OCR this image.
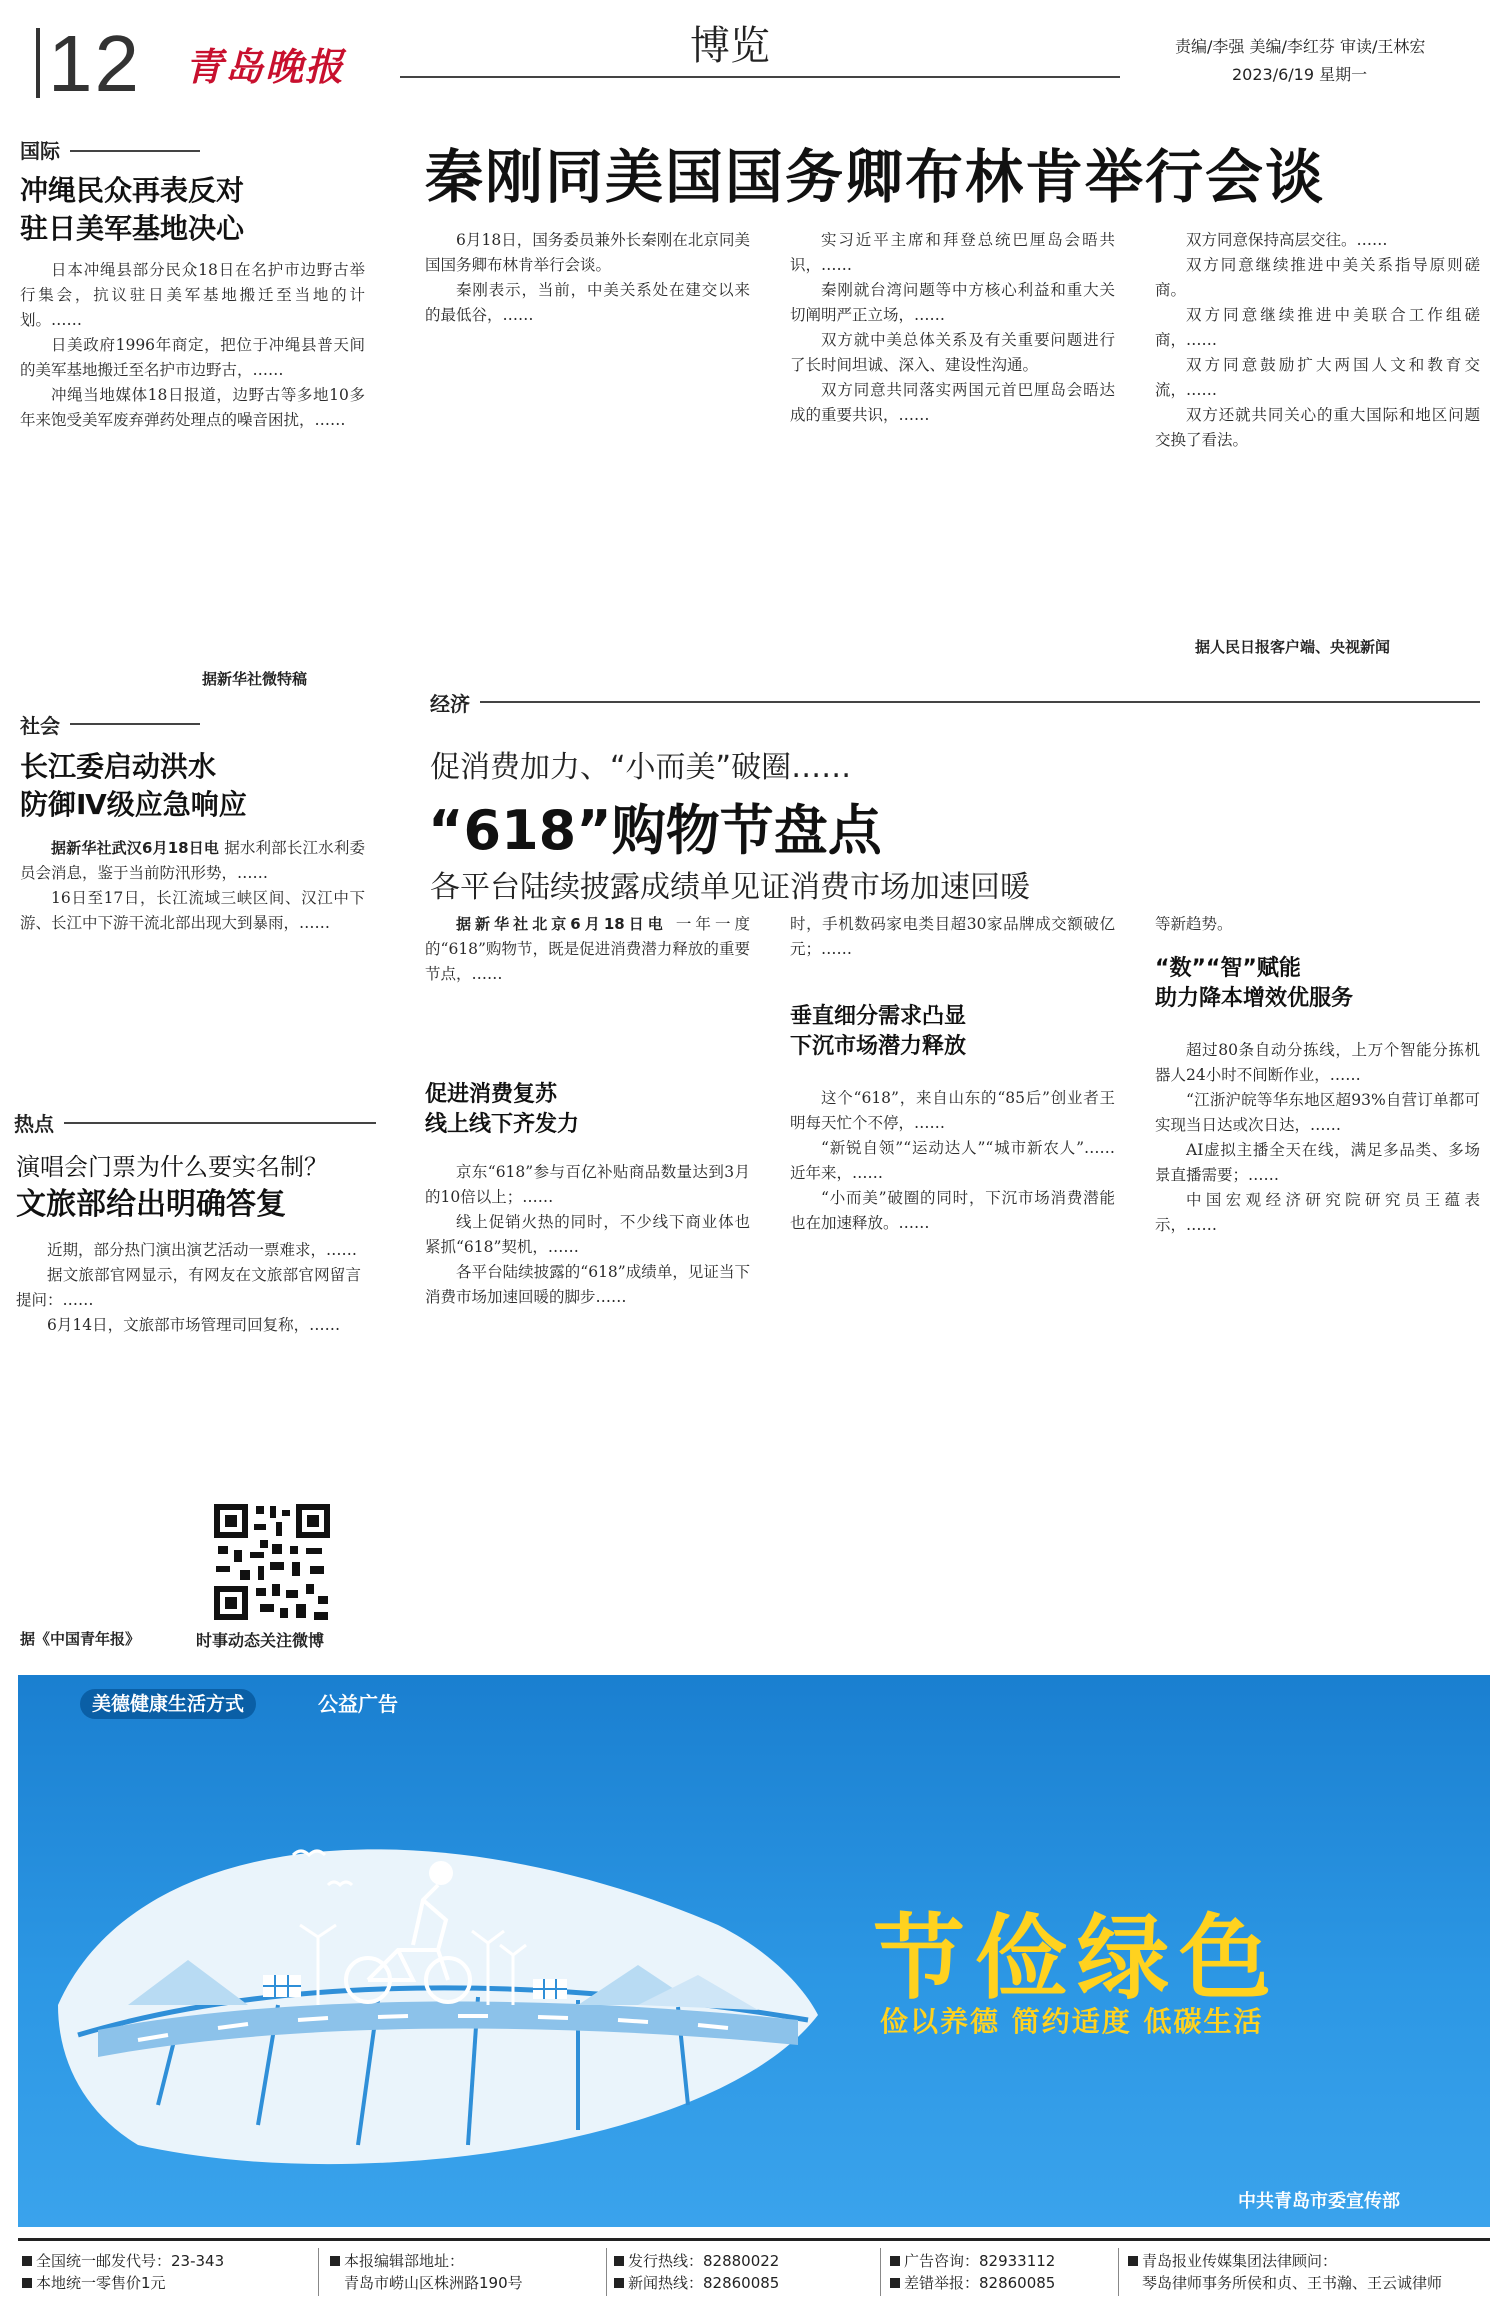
12 青岛晚报	博览	责编/李强 美编/李红芬 审读/王林宏
2023/6/19 星期一
国际
冲绳民众再表反对
驻日美军基地决心

日本冲绳县部分民众18日在名护市边野古举行集会，抗议驻日美军基地搬迁至当地的计划。……

日美政府1996年商定，把位于冲绳县普天间的美军基地搬迁至名护市边野古，……

冲绳当地媒体18日报道，边野古等多地10多年来饱受美军废弃弹药处理点的噪音困扰，……

据新华社微特稿
社会
长江委启动洪水
防御Ⅳ级应急响应

据新华社武汉6月18日电 据水利部长江水利委员会消息，鉴于当前防汛形势，……

16日至17日，长江流域三峡区间、汉江中下游、长江中下游干流北部出现大到暴雨，……

热点
演唱会门票为什么要实名制？
文旅部给出明确答复

近期，部分热门演出演艺活动一票难求，……

据文旅部官网显示，有网友在文旅部官网留言提问：……

6月14日，文旅部市场管理司回复称，……

据《中国青年报》	时事动态关注微博
秦刚同美国国务卿布林肯举行会谈

6月18日，国务委员兼外长秦刚在北京同美国国务卿布林肯举行会谈。

秦刚表示，当前，中美关系处在建交以来的最低谷，……

实习近平主席和拜登总统巴厘岛会晤共识，……

秦刚就台湾问题等中方核心利益和重大关切阐明严正立场，……

双方就中美总体关系及有关重要问题进行了长时间坦诚、深入、建设性沟通。

双方同意共同落实两国元首巴厘岛会晤达成的重要共识，……

双方同意保持高层交往。……

双方同意继续推进中美关系指导原则磋商。

双方同意继续推进中美联合工作组磋商，……

双方同意鼓励扩大两国人文和教育交流，……

双方还就共同关心的重大国际和地区问题交换了看法。

据人民日报客户端、央视新闻
经济
促消费加力、“小而美”破圈……
“618”购物节盘点
各平台陆续披露成绩单见证消费市场加速回暖

据新华社北京6月18日电 一年一度的“618”购物节，既是促进消费潜力释放的重要节点，……

促进消费复苏
线上线下齐发力

京东“618”参与百亿补贴商品数量达到3月的10倍以上；……

线上促销火热的同时，不少线下商业体也紧抓“618”契机，……

各平台陆续披露的“618”成绩单，见证当下消费市场加速回暖的脚步……

时，手机数码家电类目超30家品牌成交额破亿元；……

垂直细分需求凸显
下沉市场潜力释放

这个“618”，来自山东的“85后”创业者王明每天忙个不停，……

“新锐自领”“运动达人”“城市新农人”……近年来，……

“小而美”破圈的同时，下沉市场消费潜能也在加速释放。……

等新趋势。

“数”“智”赋能
助力降本增效优服务

超过80条自动分拣线，上万个智能分拣机器人24小时不间断作业，……

“江浙沪皖等华东地区超93%自营订单都可实现当日达或次日达，……

AI虚拟主播全天在线，满足多品类、多场景直播需要；……

中国宏观经济研究院研究员王蕴表示，……

美德健康生活方式	公益广告
节俭绿色
俭以养德 简约适度 低碳生活
中共青岛市委宣传部
全国统一邮发代号：23-343
本地统一零售价1元
本报编辑部地址：
青岛市崂山区株洲路190号
发行热线：82880022
新闻热线：82860085
广告咨询：82933112
差错举报：82860085
青岛报业传媒集团法律顾问：
琴岛律师事务所侯和贞、王书瀚、王云诚律师
